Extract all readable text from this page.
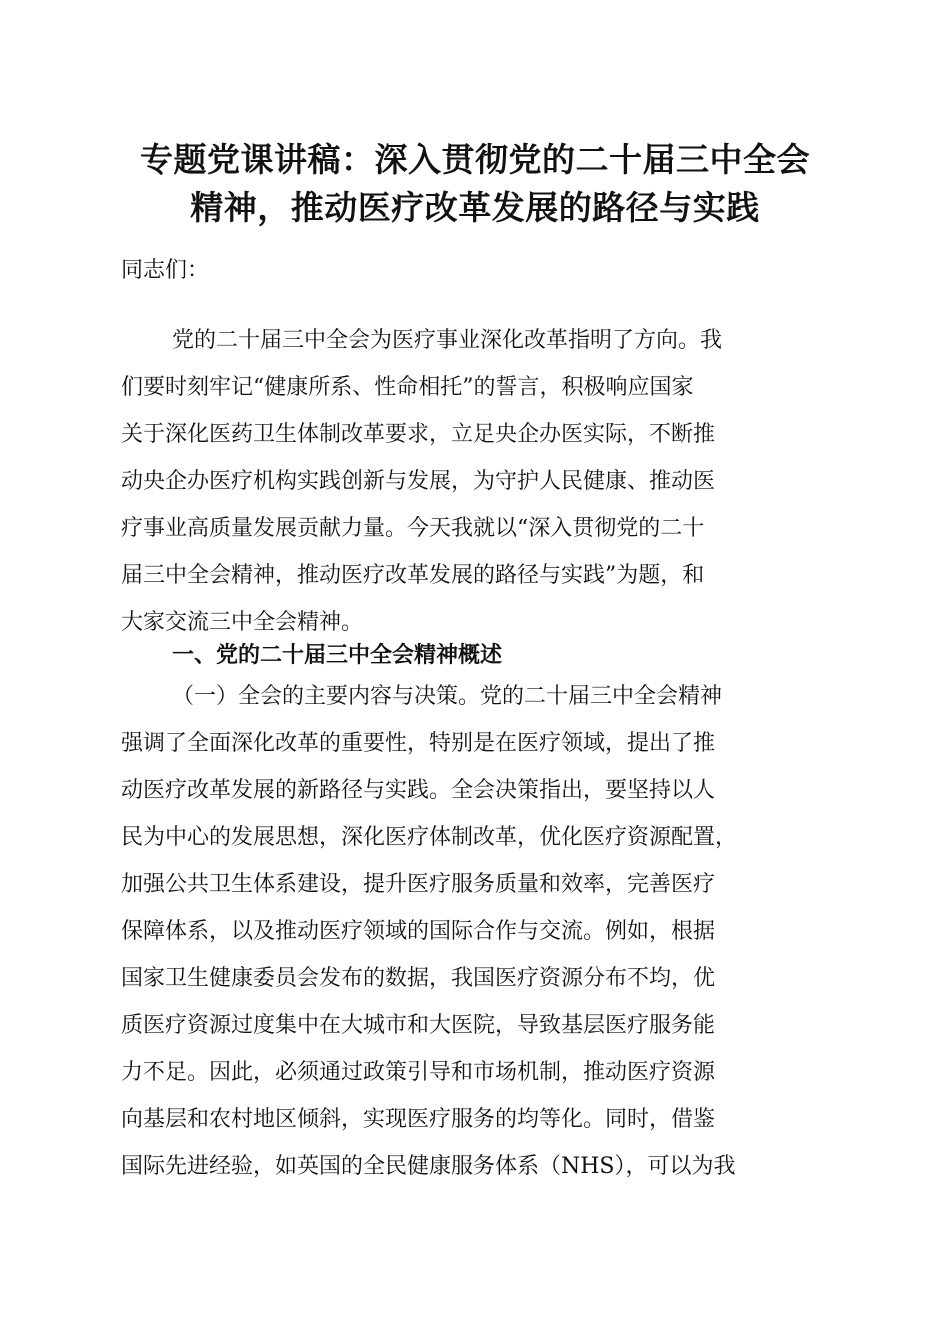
专题党课讲稿：深入贯彻党的二十届三中全会
精神，推动医疗改革发展的路径与实践
同志们：
党的二十届三中全会为医疗事业深化改革指明了方向。我
们要时刻牢记“健康所系、性命相托”的誓言，积极响应国家
关于深化医药卫生体制改革要求，立足央企办医实际，不断推
动央企办医疗机构实践创新与发展，为守护人民健康、推动医
疗事业高质量发展贡献力量。今天我就以“深入贯彻党的二十
届三中全会精神，推动医疗改革发展的路径与实践”为题，和
大家交流三中全会精神。
一、党的二十届三中全会精神概述
（一）全会的主要内容与决策。党的二十届三中全会精神
强调了全面深化改革的重要性，特别是在医疗领域，提出了推
动医疗改革发展的新路径与实践。全会决策指出，要坚持以人
民为中心的发展思想，深化医疗体制改革，优化医疗资源配置，
加强公共卫生体系建设，提升医疗服务质量和效率，完善医疗
保障体系，以及推动医疗领域的国际合作与交流。例如，根据
国家卫生健康委员会发布的数据，我国医疗资源分布不均，优
质医疗资源过度集中在大城市和大医院，导致基层医疗服务能
力不足。因此，必须通过政策引导和市场机制，推动医疗资源
向基层和农村地区倾斜，实现医疗服务的均等化。同时，借鉴
国际先进经验，如英国的全民健康服务体系（NHS），可以为我
